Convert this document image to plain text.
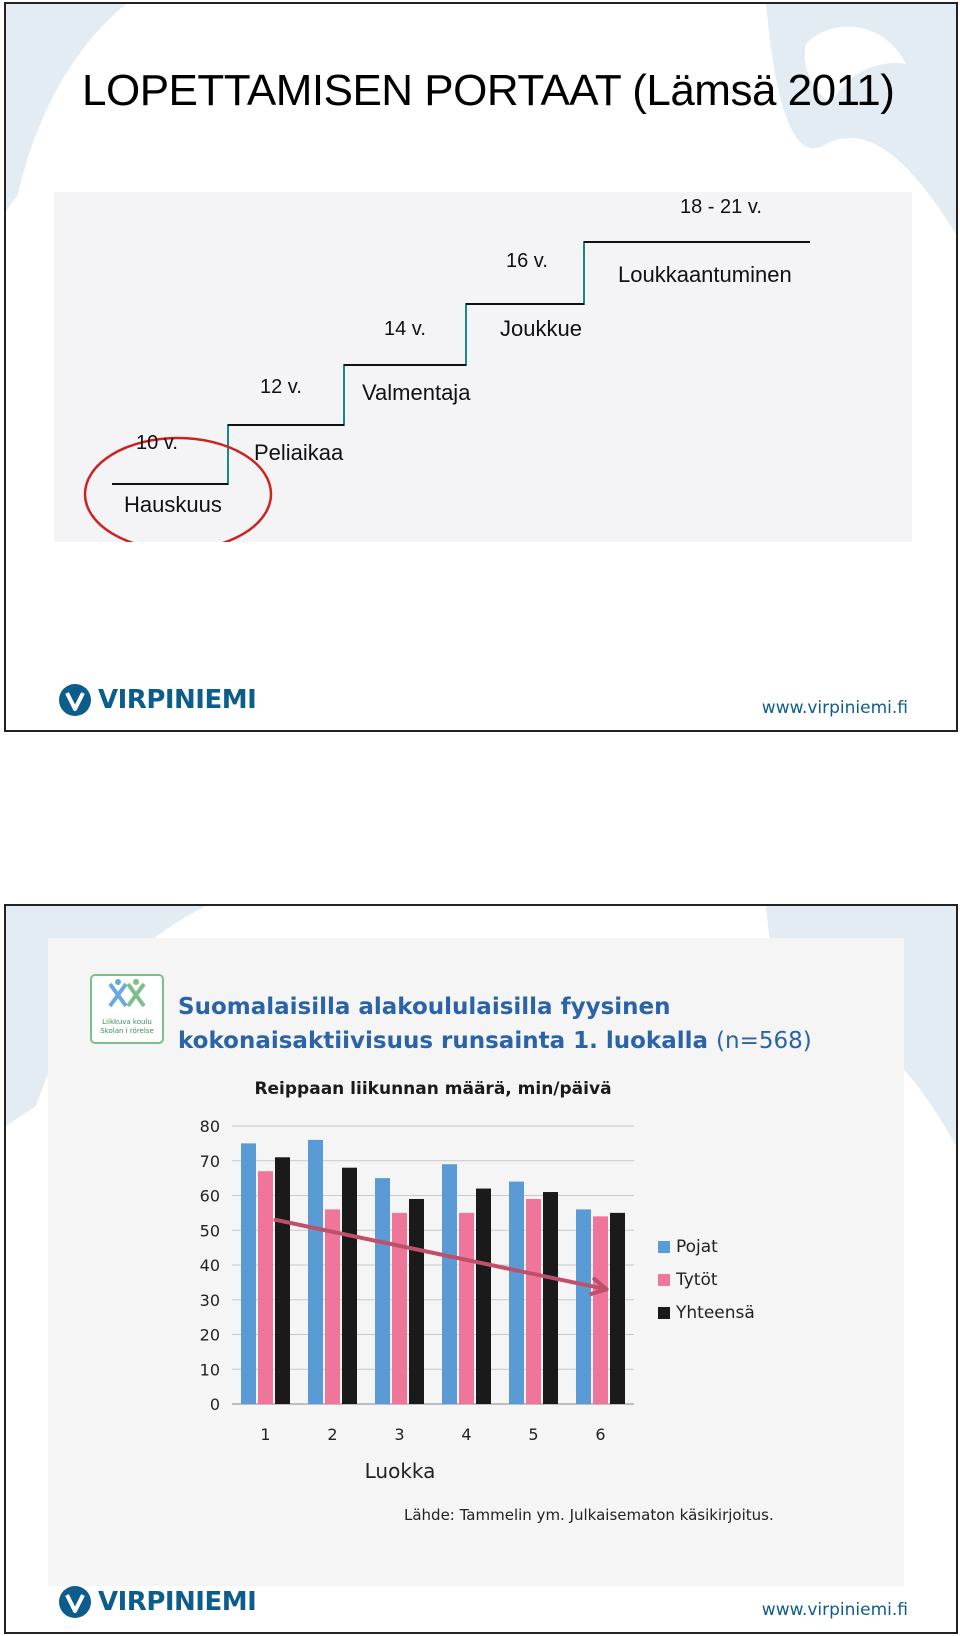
LOPETTAMISEN PORTAAT (Lämsä 2011)
10 v.
Hauskuus
12 v.
Peliaikaa
14 v.
Valmentaja
16 v.
Joukkue
18 - 21 v.
Loukkaantuminen
VIRPINIEMI	www.virpiniemi.fi
Liikkuva koulu Skolan i rörelse
Suomalaisilla alakoululaisilla fyysinen
kokonaisaktiivisuus runsainta 1. luokalla (n=568)
Reippaan liikunnan määrä, min/päivä
0
10
20
30
40
50
60
70
80
1	2	3	4	5	6
Luokka
Pojat
Tytöt
Yhteensä
Lähde: Tammelin ym. Julkaisematon käsikirjoitus.
VIRPINIEMI	www.virpiniemi.fi
